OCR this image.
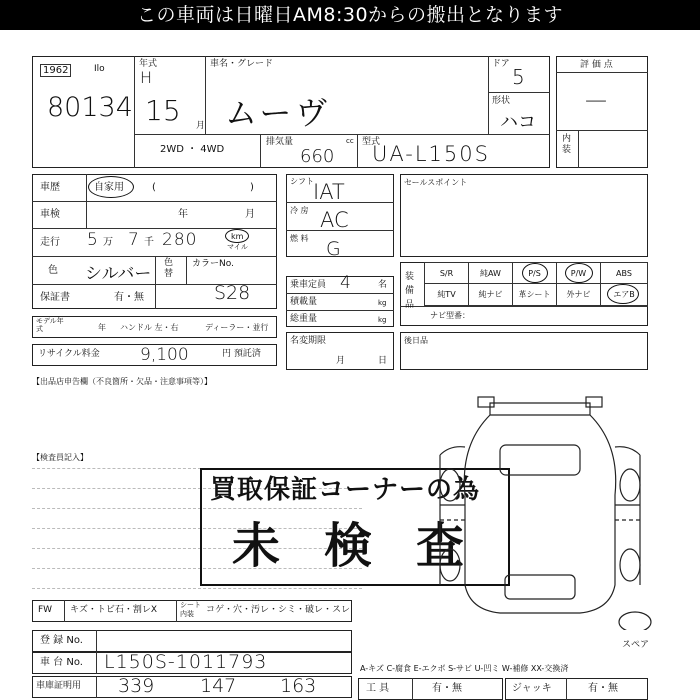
この車両は日曜日AM8:30からの搬出となります
1962	Ilo
80134
年式
H
15 月
車名・グレード
ムーヴ
ドア
5
形状
ハコ
2WD ・ 4WD
排気量	cc
660
型式
UA-L150S
評 価 点
—
内装
車歴	自家用	(	)
車検	年	月
走行 5 万 7 千 280	km
マイル
色 シルバー
色替
カラーNo.
S28
保証書	有・無
モデル年式	年 ハンドル 左・右	ディーラー・並行
リサイクル料金 9,100	円 預託済
シフト IAT
冷 房 AC
燃 料 G
乗車定員 4	名
積載量	kg
総重量	kg
名変期限
月	日
セールスポイント
装備品
ナビ型番：
S/R	純AW	P/S	P/W	ABS
純TV	純ナビ	革シート	外ナビ	エアB
後日品
【出品店申告欄（不良箇所・欠品・注意事項等）】
【検査員記入】
買取保証コーナーの為
未検査
スペア
FW キズ・トビ石・割レX	シート内装	コゲ・穴・汚レ・シミ・破レ・スレ
登 録 No.
車 台 No. L150S-1011793
車庫証明用 339 147 163
A-キズ C-腐食 E-エクボ S-サビ U-凹ミ W-補修 XX-交換済
工 具	有・無	ジャッキ	有・無
